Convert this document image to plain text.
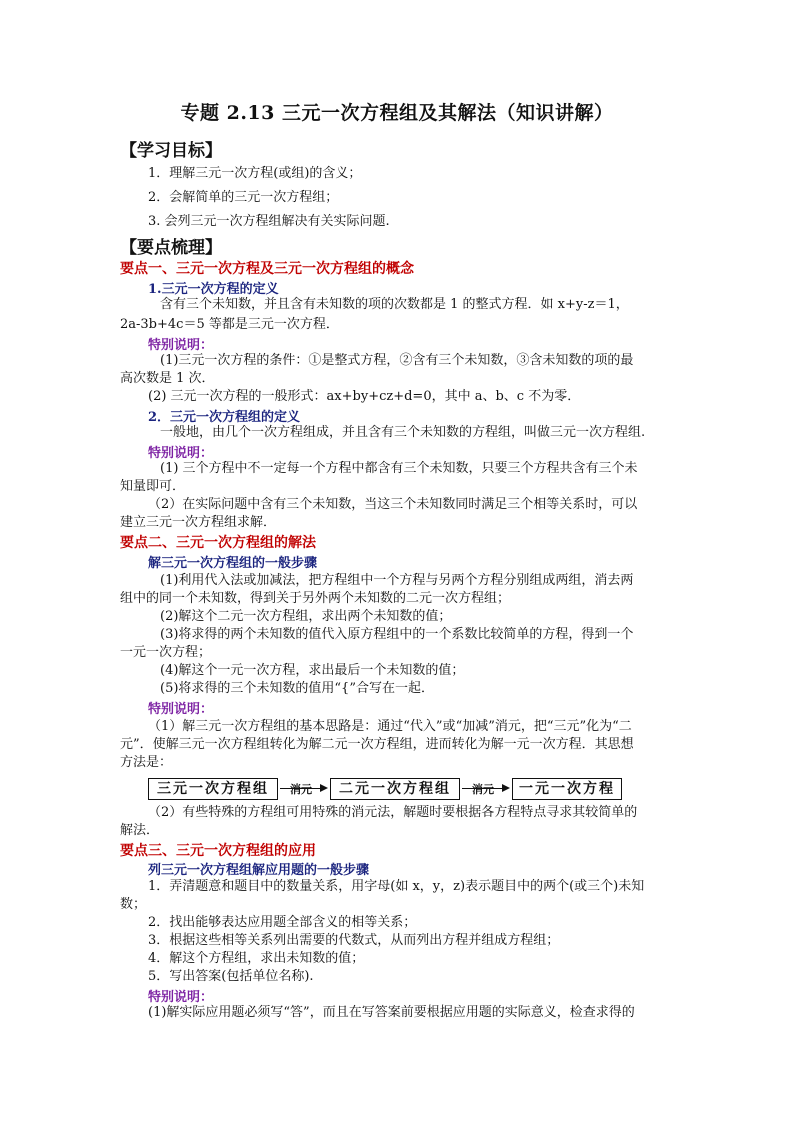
专题 2.13 三元一次方程组及其解法（知识讲解）
【学习目标】
1．理解三元一次方程(或组)的含义；
2．会解简单的三元一次方程组；
3. 会列三元一次方程组解决有关实际问题.
【要点梳理】
要点一、三元一次方程及三元一次方程组的概念
1.三元一次方程的定义
含有三个未知数，并且含有未知数的项的次数都是 1 的整式方程．如 x+y-z＝1，
2a-3b+4c＝5 等都是三元一次方程．
特别说明：
(1)三元一次方程的条件：①是整式方程，②含有三个未知数，③含未知数的项的最
高次数是 1 次．
(2) 三元一次方程的一般形式：ax+by+cz+d=0，其中 a、b、c 不为零．
2．三元一次方程组的定义
一般地，由几个一次方程组成，并且含有三个未知数的方程组，叫做三元一次方程组.
特别说明：
(1) 三个方程中不一定每一个方程中都含有三个未知数，只要三个方程共含有三个未
知量即可．
（2）在实际问题中含有三个未知数，当这三个未知数同时满足三个相等关系时，可以
建立三元一次方程组求解．
要点二、三元一次方程组的解法
解三元一次方程组的一般步骤
(1)利用代入法或加减法，把方程组中一个方程与另两个方程分别组成两组，消去两
组中的同一个未知数，得到关于另外两个未知数的二元一次方程组；
(2)解这个二元一次方程组，求出两个未知数的值；
(3)将求得的两个未知数的值代入原方程组中的一个系数比较简单的方程，得到一个
一元一次方程；
(4)解这个一元一次方程，求出最后一个未知数的值；
(5)将求得的三个未知数的值用“{”合写在一起．
特别说明：
（1）解三元一次方程组的基本思路是：通过“代入”或“加减”消元，把“三元”化为“二
元”．使解三元一次方程组转化为解二元一次方程组，进而转化为解一元一次方程．其思想
方法是：
三元一次方程组	消元	二元一次方程组	消元	一元一次方程
（2）有些特殊的方程组可用特殊的消元法，解题时要根据各方程特点寻求其较简单的
解法．
要点三、三元一次方程组的应用
列三元一次方程组解应用题的一般步骤
1．弄清题意和题目中的数量关系，用字母(如 x，y，z)表示题目中的两个(或三个)未知
数；
2．找出能够表达应用题全部含义的相等关系；
3．根据这些相等关系列出需要的代数式，从而列出方程并组成方程组；
4．解这个方程组，求出未知数的值；
5．写出答案(包括单位名称).
特别说明：
(1)解实际应用题必须写“答”，而且在写答案前要根据应用题的实际意义，检查求得的
